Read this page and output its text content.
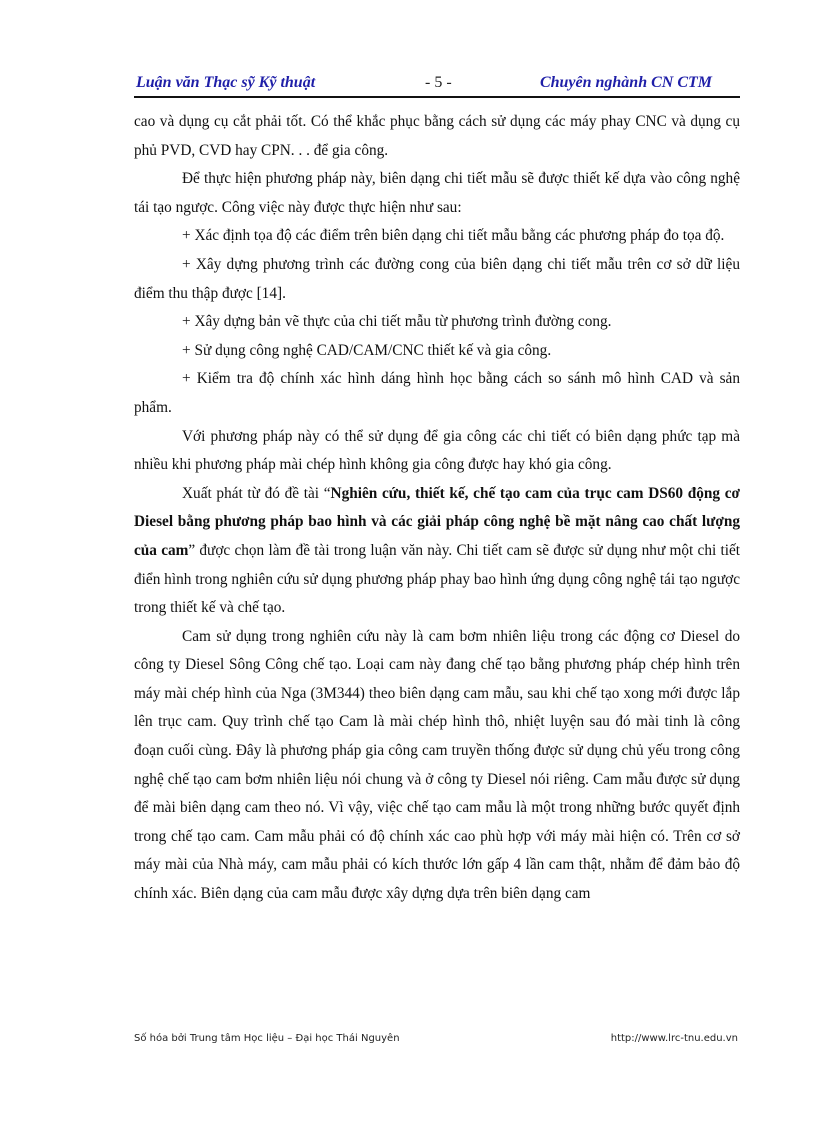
Luận văn Thạc sỹ Kỹ thuật	- 5 -	Chuyên nghành CN CTM

cao và dụng cụ cắt phải tốt. Có thể khắc phục bằng cách sử dụng các máy phay CNC và dụng cụ phủ PVD, CVD hay CPN. . . để gia công.

Để thực hiện phương pháp này, biên dạng chi tiết mẫu sẽ được thiết kế dựa vào công nghệ tái tạo ngược. Công việc này được thực hiện như sau:

+ Xác định tọa độ các điểm trên biên dạng chi tiết mẫu bằng các phương pháp đo tọa độ.

+ Xây dựng phương trình các đường cong của biên dạng chi tiết mẫu trên cơ sở dữ liệu điểm thu thập được [14].

+ Xây dựng bản vẽ thực của chi tiết mẫu từ phương trình đường cong.

+ Sử dụng công nghệ CAD/CAM/CNC thiết kế và gia công.

+ Kiểm tra độ chính xác hình dáng hình học bằng cách so sánh mô hình CAD và sản phẩm.

Với phương pháp này có thể sử dụng để gia công các chi tiết có biên dạng phức tạp mà nhiều khi phương pháp mài chép hình không gia công được hay khó gia công.

Xuất phát từ đó đề tài “Nghiên cứu, thiết kế, chế tạo cam của trục cam DS60 động cơ Diesel bằng phương pháp bao hình và các giải pháp công nghệ bề mặt nâng cao chất lượng của cam” được chọn làm đề tài trong luận văn này. Chi tiết cam sẽ được sử dụng như một chi tiết điển hình trong nghiên cứu sử dụng phương pháp phay bao hình ứng dụng công nghệ tái tạo ngược trong thiết kế và chế tạo.

Cam sử dụng trong nghiên cứu này là cam bơm nhiên liệu trong các động cơ Diesel do công ty Diesel Sông Công chế tạo. Loại cam này đang chế tạo bằng phương pháp chép hình trên máy mài chép hình của Nga (3M344) theo biên dạng cam mẫu, sau khi chế tạo xong mới được lắp lên trục cam. Quy trình chế tạo Cam là mài chép hình thô, nhiệt luyện sau đó mài tinh là công đoạn cuối cùng. Đây là phương pháp gia công cam truyền thống được sử dụng chủ yếu trong công nghệ chế tạo cam bơm nhiên liệu nói chung và ở công ty Diesel nói riêng. Cam mẫu được sử dụng để mài biên dạng cam theo nó. Vì vậy, việc chế tạo cam mẫu là một trong những bước quyết định trong chế tạo cam. Cam mẫu phải có độ chính xác cao phù hợp với máy mài hiện có. Trên cơ sở máy mài của Nhà máy, cam mẫu phải có kích thước lớn gấp 4 lần cam thật, nhằm để đảm bảo độ chính xác. Biên dạng của cam mẫu được xây dựng dựa trên biên dạng cam

Số hóa bởi Trung tâm Học liệu – Đại học Thái Nguyên	http://www.lrc-tnu.edu.vn
